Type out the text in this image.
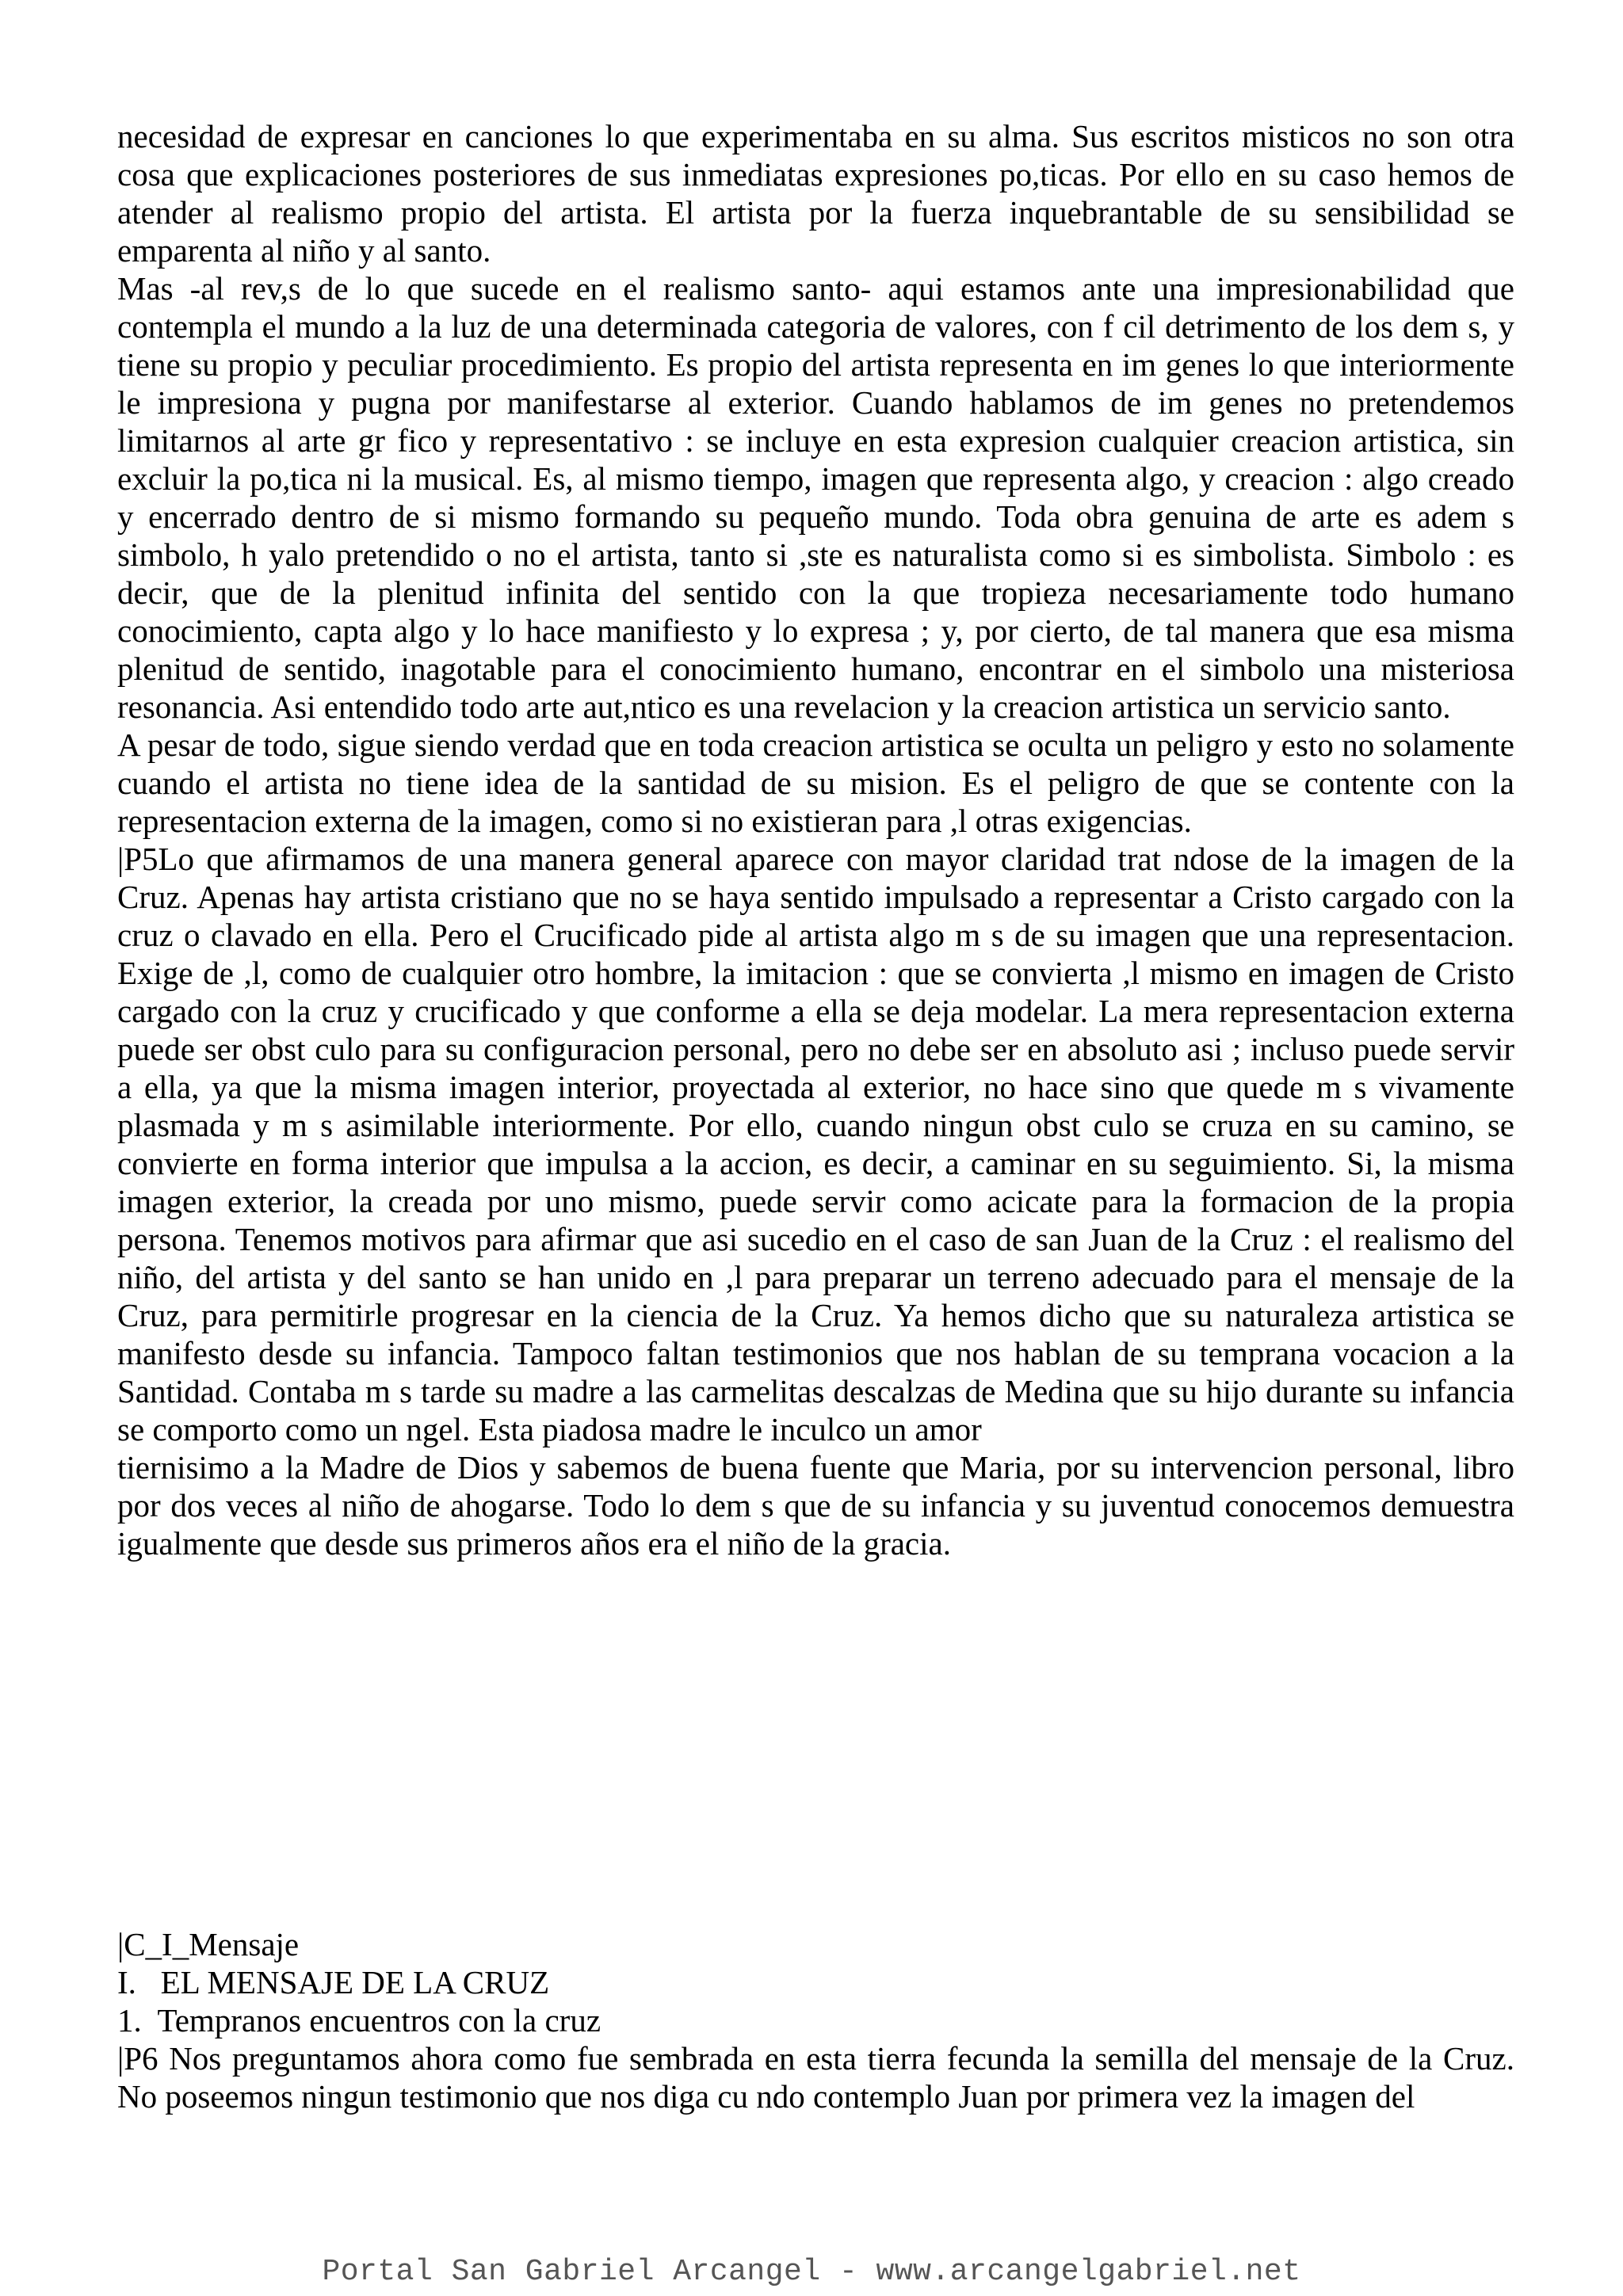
necesidad de expresar en canciones lo que experimentaba en su alma. Sus escritos misticos no son otra cosa que explicaciones posteriores de sus inmediatas expresiones po,ticas. Por ello en su caso hemos de atender al realismo propio del artista. El artista por la fuerza inquebrantable de su sensibilidad se emparenta al niño y al santo.

Mas -al rev,s de lo que sucede en el realismo santo- aqui estamos ante una impresionabilidad que contempla el mundo a la luz de una determinada categoria de valores, con f cil detrimento de los dem s, y tiene su propio y peculiar procedimiento. Es propio del artista representa en im genes lo que interiormente le impresiona y pugna por manifestarse al exterior. Cuando hablamos de im genes no pretendemos limitarnos al arte gr fico y representativo : se incluye en esta expresion cualquier creacion artistica, sin excluir la po,tica ni la musical. Es, al mismo tiempo, imagen que representa algo, y creacion : algo creado y encerrado dentro de si mismo formando su pequeño mundo. Toda obra genuina de arte es adem s simbolo, h yalo pretendido o no el artista, tanto si ,ste es naturalista como si es simbolista. Simbolo : es decir, que de la plenitud infinita del sentido con la que tropieza necesariamente todo humano conocimiento, capta algo y lo hace manifiesto y lo expresa ; y, por cierto, de tal manera que esa misma plenitud de sentido, inagotable para el conocimiento humano, encontrar en el simbolo una misteriosa resonancia. Asi entendido todo arte aut,ntico es una revelacion y la creacion artistica un servicio santo.

A pesar de todo, sigue siendo verdad que en toda creacion artistica se oculta un peligro y esto no solamente cuando el artista no tiene idea de la santidad de su mision. Es el peligro de que se contente con la representacion externa de la imagen, como si no existieran para ,l otras exigencias.

|P5Lo que afirmamos de una manera general aparece con mayor claridad trat ndose de la imagen de la Cruz. Apenas hay artista cristiano que no se haya sentido impulsado a representar a Cristo cargado con la cruz o clavado en ella. Pero el Crucificado pide al artista algo m s de su imagen que una representacion. Exige de ,l, como de cualquier otro hombre, la imitacion : que se convierta ,l mismo en imagen de Cristo cargado con la cruz y crucificado y que conforme a ella se deja modelar. La mera representacion externa puede ser obst culo para su configuracion personal, pero no debe ser en absoluto asi ; incluso puede servir a ella, ya que la misma imagen interior, proyectada al exterior, no hace sino que quede m s vivamente plasmada y m s asimilable interiormente. Por ello, cuando ningun obst culo se cruza en su camino, se convierte en forma interior que impulsa a la accion, es decir, a caminar en su seguimiento. Si, la misma imagen exterior, la creada por uno mismo, puede servir como acicate para la formacion de la propia persona. Tenemos motivos para afirmar que asi sucedio en el caso de san Juan de la Cruz : el realismo del niño, del artista y del santo se han unido en ,l para preparar un terreno adecuado para el mensaje de la Cruz, para permitirle progresar en la ciencia de la Cruz. Ya hemos dicho que su naturaleza artistica se manifesto desde su infancia. Tampoco faltan testimonios que nos hablan de su temprana vocacion a la Santidad. Contaba m s tarde su madre a las carmelitas descalzas de Medina que su hijo durante su infancia se comporto como un ngel. Esta piadosa madre le inculco un amor

tiernisimo a la Madre de Dios y sabemos de buena fuente que Maria, por su intervencion personal, libro por dos veces al niño de ahogarse. Todo lo dem s que de su infancia y su juventud conocemos demuestra igualmente que desde sus primeros años era el niño de la gracia.

|C_I_Mensaje
I.   EL MENSAJE DE LA CRUZ
1.  Tempranos encuentros con la cruz

|P6 Nos preguntamos ahora como fue sembrada en esta tierra fecunda la semilla del mensaje de la Cruz. No poseemos ningun testimonio que nos diga cu ndo contemplo Juan por primera vez la imagen del

Portal San Gabriel Arcangel - www.arcangelgabriel.net
